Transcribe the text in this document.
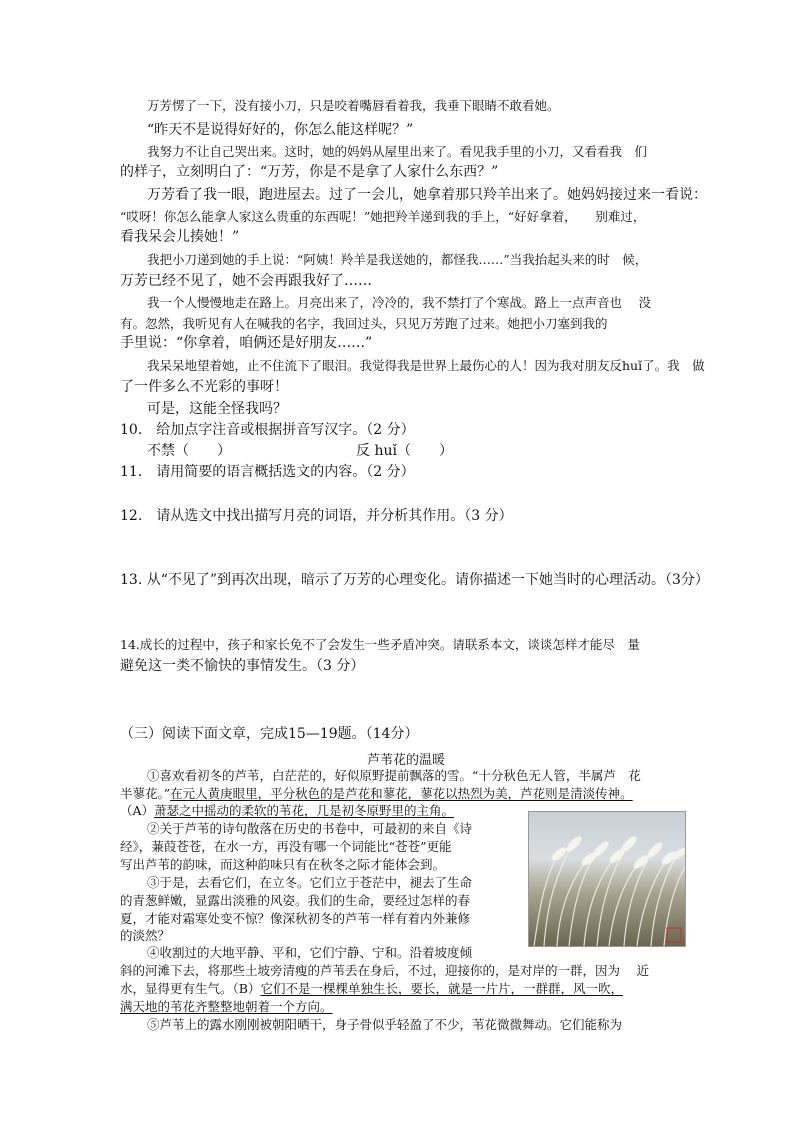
万芳愣了一下，没有接小刀，只是咬着嘴唇看着我，我垂下眼睛不敢看她。
“昨天不是说得好好的，你怎么能这样呢？”
我努力不让自己哭出来。这时，她的妈妈从屋里出来了。看见我手里的小刀，又看看我　们
的样子，立刻明白了：“万芳，你是不是拿了人家什么东西？”
万芳看了我一眼，跑进屋去。过了一会儿，她拿着那只羚羊出来了。她妈妈接过来一看说：
“哎呀！你怎么能拿人家这么贵重的东西呢！”她把羚羊递到我的手上，“好好拿着，　　别难过，
看我呆会儿揍她！”
我把小刀递到她的手上说：“阿姨！羚羊是我送她的，都怪我……”当我抬起头来的时　候，
万芳已经不见了，她不会再跟我好了……
我一个人慢慢地走在路上。月亮出来了，冷冷的，我不禁打了个寒战。路上一点声音也　 没
有。忽然，我听见有人在喊我的名字，我回过头，只见万芳跑了过来。她把小刀塞到我的
手里说：“你拿着，咱俩还是好朋友……”
我呆呆地望着她，止不住流下了眼泪。我觉得我是世界上最伤心的人！因为我对朋友反huǐ了。我　做
了一件多么不光彩的事呀！
可是，这能全怪我吗？
10.　给加点字注音或根据拼音写汉字。（2 分）
不禁（　　）	反 huǐ（　　）
11.　请用简要的语言概括选文的内容。（2 分）
12.　请从选文中找出描写月亮的词语，并分析其作用。（3 分）
13. 从“不见了”到再次出现，暗示了万芳的心理变化。请你描述一下她当时的心理活动。（3分）
14.成长的过程中，孩子和家长免不了会发生一些矛盾冲突。请联系本文，谈谈怎样才能尽　量
避免这一类不愉快的事情发生。（3 分）
（三）阅读下面文章，完成15—19题。（14分）
芦苇花的温暖
①喜欢看初冬的芦苇，白茫茫的，好似原野提前飘落的雪。“十分秋色无人管，半属芦　花
半蓼花。”在元人黄庚眼里，平分秋色的是芦花和蓼花，蓼花以热烈为美，芦花则是清淡传神。
（A）萧瑟之中摇动的柔软的苇花，几是初冬原野里的主角。
②关于芦苇的诗句散落在历史的书卷中，可最初的来自《诗
经》，蒹葭苍苍，在水一方，再没有哪一个词能比“苍苍”更能
写出芦苇的韵味，而这种韵味只有在秋冬之际才能体会到。
③于是，去看它们，在立冬。它们立于苍茫中，褪去了生命
的青葱鲜嫩，显露出淡雅的风姿。我们的生命，要经过怎样的春
夏，才能对霜寒处变不惊？像深秋初冬的芦苇一样有着内外兼修
的淡然？
④收割过的大地平静、平和，它们宁静、宁和。沿着坡度倾
斜的河滩下去，将那些土坡旁清瘦的芦苇丢在身后，不过，迎接你的，是对岸的一群，因为　 近
水，显得更有生气。（B）它们不是一棵棵单独生长，要长，就是一片片，一群群，风一吹，
满天地的苇花齐整整地朝着一个方向。
⑤芦苇上的露水刚刚被朝阳晒干，身子骨似乎轻盈了不少，苇花微微舞动。它们能称为
